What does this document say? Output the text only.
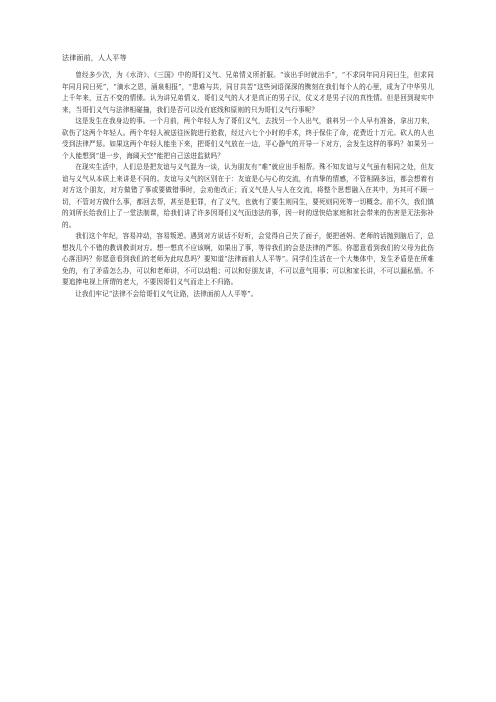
法律面前，人人平等

曾经多少次，为《水浒》、《三国》中的哥们义气、兄弟情义所折服。“该出手时就出手”，“不求同年同月同日生，但求同年同月同日死”，“滴水之恩，涌泉相报”，“患难与共，同甘共苦”这些词语深深的镌刻在我们每个人的心里，成为了中华男儿上千年来，亘古不变的情愫。认为讲兄弟情义、哥们义气的人才是真正的男子汉，仗义才是男子汉的真性情。但是回到现实中来，当哥们义气与法律相碰撞，我们是否可以没有底线和原则的只为哥们义气行事呢？

这是发生在我身边的事。一个月前，两个年轻人为了哥们义气，去找另一个人出气，谁料另一个人早有准备，拿出刀来，砍伤了这两个年轻人。两个年轻人被送往医院进行抢救，经过六七个小时的手术，终于保住了命，花费近十万元。砍人的人也受到法律严惩。如果这两个年轻人能坐下来，把哥们义气放在一边，平心静气的开导一下对方，会发生这样的事吗？如果另一个人能想到“退一步，海阔天空”能把自己送进监狱吗？

在现实生活中，人们总是把友谊与义气混为一谈，认为朋友有“难”就应出手相帮。殊不知友谊与义气虽有相同之处，但友谊与义气从本质上来讲是不同的。友谊与义气的区别在于：友谊是心与心的交流，有真挚的情感，不管相隔多远，都会想着有对方这个朋友，对方做错了事或要做错事时，会劝他改正；而义气是人与人在交流，将整个思想融入在其中，为其可不顾一切，不管对方做什么事，都回去帮，甚至是犯罪，有了义气，也就有了要生则同生，要死则同死等一切概念。前不久，我们镇的刘所长给我们上了一堂法制课，给我们讲了许多因哥们义气而违法的事，因一时的逞快给家庭和社会带来的伤害是无法弥补的。

我们这个年纪，容易冲动，容易叛逆。遇到对方说话不好听，会觉得自己失了面子，便把爸妈、老师的话抛到脑后了，总想找几个不错的教训教训对方。想一想真不应该啊，如果出了事，等待我们的会是法律的严惩。你愿意看到我们的父母为此伤心落泪吗？你愿意看到我们的老师为此叹息吗？要知道“法律面前人人平等”。同学们生活在一个大集体中，发生矛盾是在所难免的，有了矛盾怎么办，可以和老师讲，不可以动粗；可以和好朋友讲，不可以意气用事；可以和家长讲，不可以漏私愤。不要追捧电视上所谓的老大，不要因哥们义气而走上不归路。

让我们牢记“法律不会给哥们义气让路，法律面前人人平等”。
